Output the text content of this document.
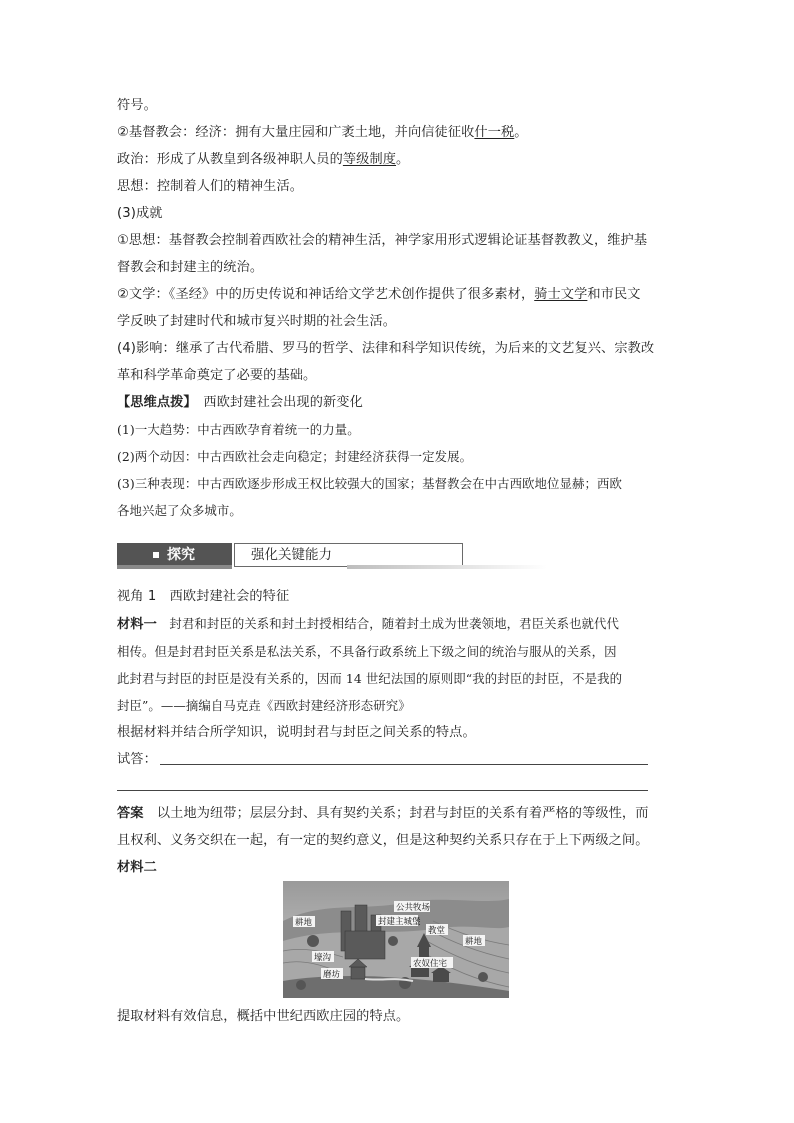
符号。
②基督教会：经济：拥有大量庄园和广袤土地，并向信徒征收什一税。
政治：形成了从教皇到各级神职人员的等级制度。
思想：控制着人们的精神生活。
(3)成就
①思想：基督教会控制着西欧社会的精神生活，神学家用形式逻辑论证基督教教义，维护基
督教会和封建主的统治。
②文学：《圣经》中的历史传说和神话给文学艺术创作提供了很多素材，骑士文学和市民文
学反映了封建时代和城市复兴时期的社会生活。
(4)影响：继承了古代希腊、罗马的哲学、法律和科学知识传统，为后来的文艺复兴、宗教改
革和科学革命奠定了必要的基础。
【思维点拨】　 西欧封建社会出现的新变化
(1)一大趋势：中古西欧孕育着统一的力量。
(2)两个动因：中古西欧社会走向稳定；封建经济获得一定发展。
(3)三种表现：中古西欧逐步形成王权比较强大的国家；基督教会在中古西欧地位显赫；西欧
各地兴起了众多城市。
探究	强化关键能力
视角 1　西欧封建社会的特征
材料一　封君和封臣的关系和封土封授相结合，随着封土成为世袭领地，君臣关系也就代代
相传。但是封君封臣关系是私法关系，不具备行政系统上下级之间的统治与服从的关系，因
此封君与封臣的封臣是没有关系的，因而 14 世纪法国的原则即“我的封臣的封臣，不是我的
封臣”。——摘编自马克垚《西欧封建经济形态研究》
根据材料并结合所学知识，说明封君与封臣之间关系的特点。
试答：

答案　 以土地为纽带；层层分封、具有契约关系；封君与封臣的关系有着严格的等级性，而
且权利、义务交织在一起，有一定的契约意义，但是这种契约关系只存在于上下两级之间。
材料二
公共牧场
封建主城堡
耕地
教堂
耕地
壕沟
磨坊
农奴住宅
提取材料有效信息，概括中世纪西欧庄园的特点。
